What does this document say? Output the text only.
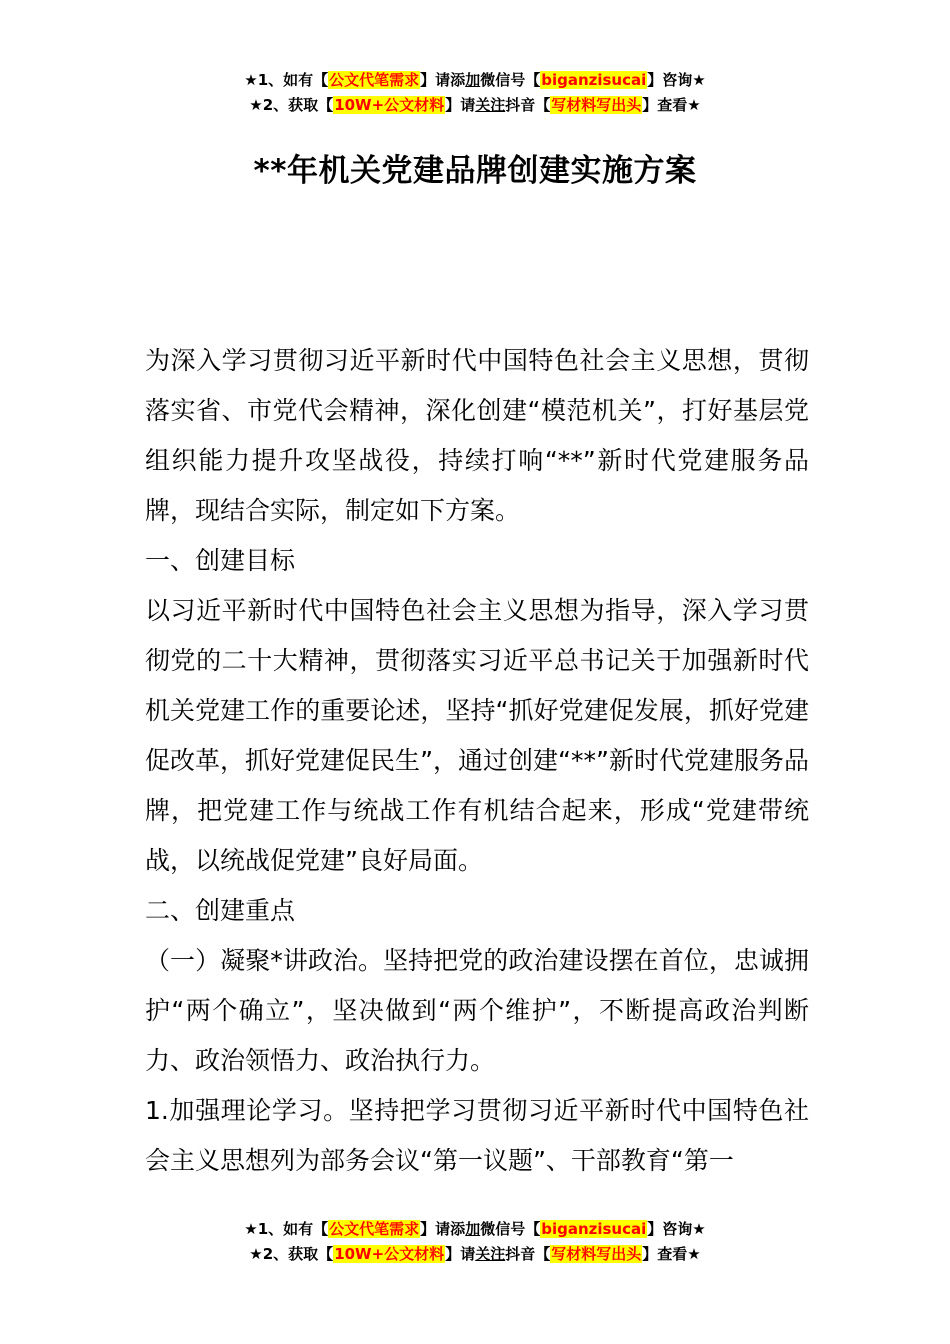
★1、如有【公文代笔需求】请添加微信号【biganzisucai】咨询★
★2、获取【10W+公文材料】请关注抖音【写材料写出头】查看★
**年机关党建品牌创建实施方案

为深入学习贯彻习近平新时代中国特色社会主义思想，贯彻落实省、市党代会精神，深化创建“模范机关”，打好基层党组织能力提升攻坚战役，持续打响“**”新时代党建服务品牌，现结合实际，制定如下方案。

一、创建目标

以习近平新时代中国特色社会主义思想为指导，深入学习贯彻党的二十大精神，贯彻落实习近平总书记关于加强新时代机关党建工作的重要论述，坚持“抓好党建促发展，抓好党建促改革，抓好党建促民生”，通过创建“**”新时代党建服务品牌，把党建工作与统战工作有机结合起来，形成“党建带统战，以统战促党建”良好局面。

二、创建重点

（一）凝聚*讲政治。坚持把党的政治建设摆在首位，忠诚拥护“两个确立”，坚决做到“两个维护”，不断提高政治判断力、政治领悟力、政治执行力。

1.加强理论学习。坚持把学习贯彻习近平新时代中国特色社会主义思想列为部务会议“第一议题”、干部教育“第一

★1、如有【公文代笔需求】请添加微信号【biganzisucai】咨询★
★2、获取【10W+公文材料】请关注抖音【写材料写出头】查看★
